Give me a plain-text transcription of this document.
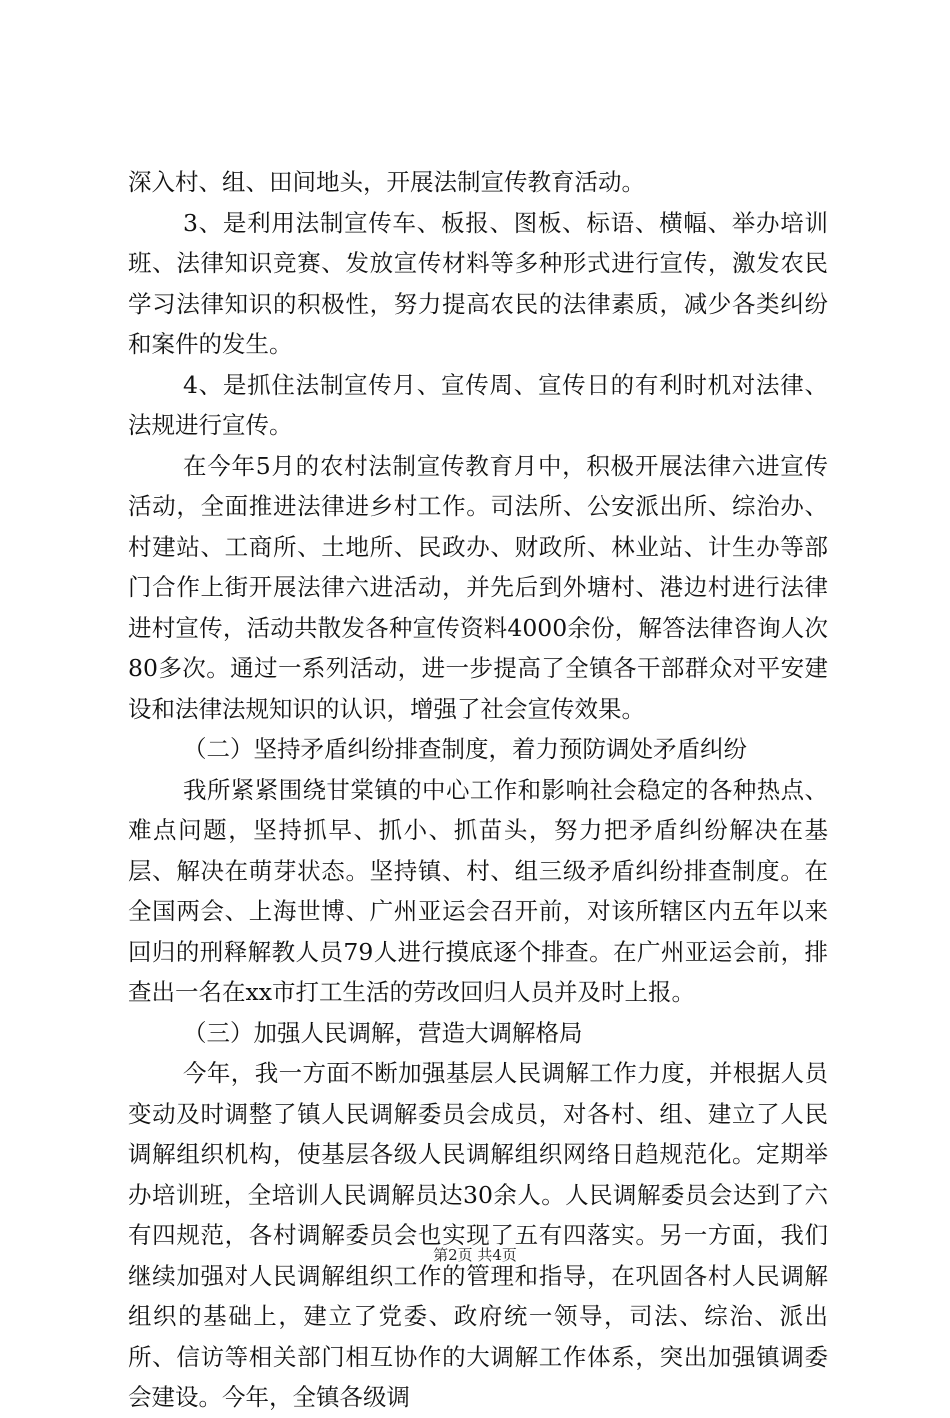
深入村、组、田间地头，开展法制宣传教育活动。

3、是利用法制宣传车、板报、图板、标语、横幅、举办培训班、法律知识竞赛、发放宣传材料等多种形式进行宣传，激发农民学习法律知识的积极性，努力提高农民的法律素质，减少各类纠纷和案件的发生。

4、是抓住法制宣传月、宣传周、宣传日的有利时机对法律、法规进行宣传。

在今年5月的农村法制宣传教育月中，积极开展法律六进宣传活动，全面推进法律进乡村工作。司法所、公安派出所、综治办、村建站、工商所、土地所、民政办、财政所、林业站、计生办等部门合作上街开展法律六进活动，并先后到外塘村、港边村进行法律进村宣传，活动共散发各种宣传资料4000余份，解答法律咨询人次80多次。通过一系列活动，进一步提高了全镇各干部群众对平安建设和法律法规知识的认识，增强了社会宣传效果。

（二）坚持矛盾纠纷排查制度，着力预防调处矛盾纠纷

我所紧紧围绕甘棠镇的中心工作和影响社会稳定的各种热点、难点问题，坚持抓早、抓小、抓苗头，努力把矛盾纠纷解决在基层、解决在萌芽状态。坚持镇、村、组三级矛盾纠纷排查制度。在全国两会、上海世博、广州亚运会召开前，对该所辖区内五年以来回归的刑释解教人员79人进行摸底逐个排查。在广州亚运会前，排查出一名在xx市打工生活的劳改回归人员并及时上报。

（三）加强人民调解，营造大调解格局

今年，我一方面不断加强基层人民调解工作力度，并根据人员变动及时调整了镇人民调解委员会成员，对各村、组、建立了人民调解组织机构，使基层各级人民调解组织网络日趋规范化。定期举办培训班，全培训人民调解员达30余人。人民调解委员会达到了六有四规范，各村调解委员会也实现了五有四落实。另一方面，我们继续加强对人民调解组织工作的管理和指导，在巩固各村人民调解组织的基础上，建立了党委、政府统一领导，司法、综治、派出所、信访等相关部门相互协作的大调解工作体系，突出加强镇调委会建设。今年，全镇各级调

第2页 共4页
